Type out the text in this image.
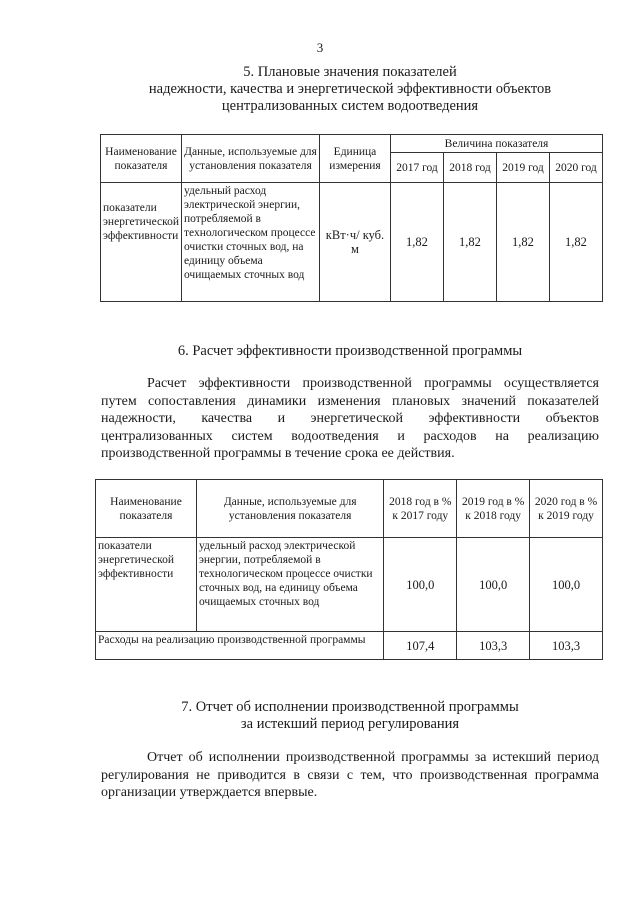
3
5. Плановые значения показателей
надежности, качества и энергетической эффективности объектов
централизованных систем водоотведения
Наименование показателя	Данные, используемые для установления показателя	Единица измерения	Величина показателя			
			2017 год	2018 год	2019 год	2020 год
показатели энергетической эффективности	удельный расход электрической энергии, потребляемой в технологическом процессе очистки сточных вод, на единицу объема очищаемых сточных вод	кВт·ч/ куб. м	1,82	1,82	1,82	1,82
6. Расчет эффективности производственной программы
Расчет эффективности производственной программы осуществляется путем сопоставления динамики изменения плановых значений показателей надежности, качества и энергетической эффективности объектов централизованных систем водоотведения и расходов на реализацию производственной программы в течение срока ее действия.
Наименование показателя	Данные, используемые для установления показателя	2018 год в % к 2017 году	2019 год в % к 2018 году	2020 год в % к 2019 году
показатели энергетической эффективности	удельный расход электрической энергии, потребляемой в технологическом процессе очистки сточных вод, на единицу объема очищаемых сточных вод	100,0	100,0	100,0
Расходы на реализацию производственной программы		107,4	103,3	103,3
7. Отчет об исполнении производственной программы
за истекший период регулирования
Отчет об исполнении производственной программы за истекший период регулирования не приводится в связи с тем, что производственная программа организации утверждается впервые.
